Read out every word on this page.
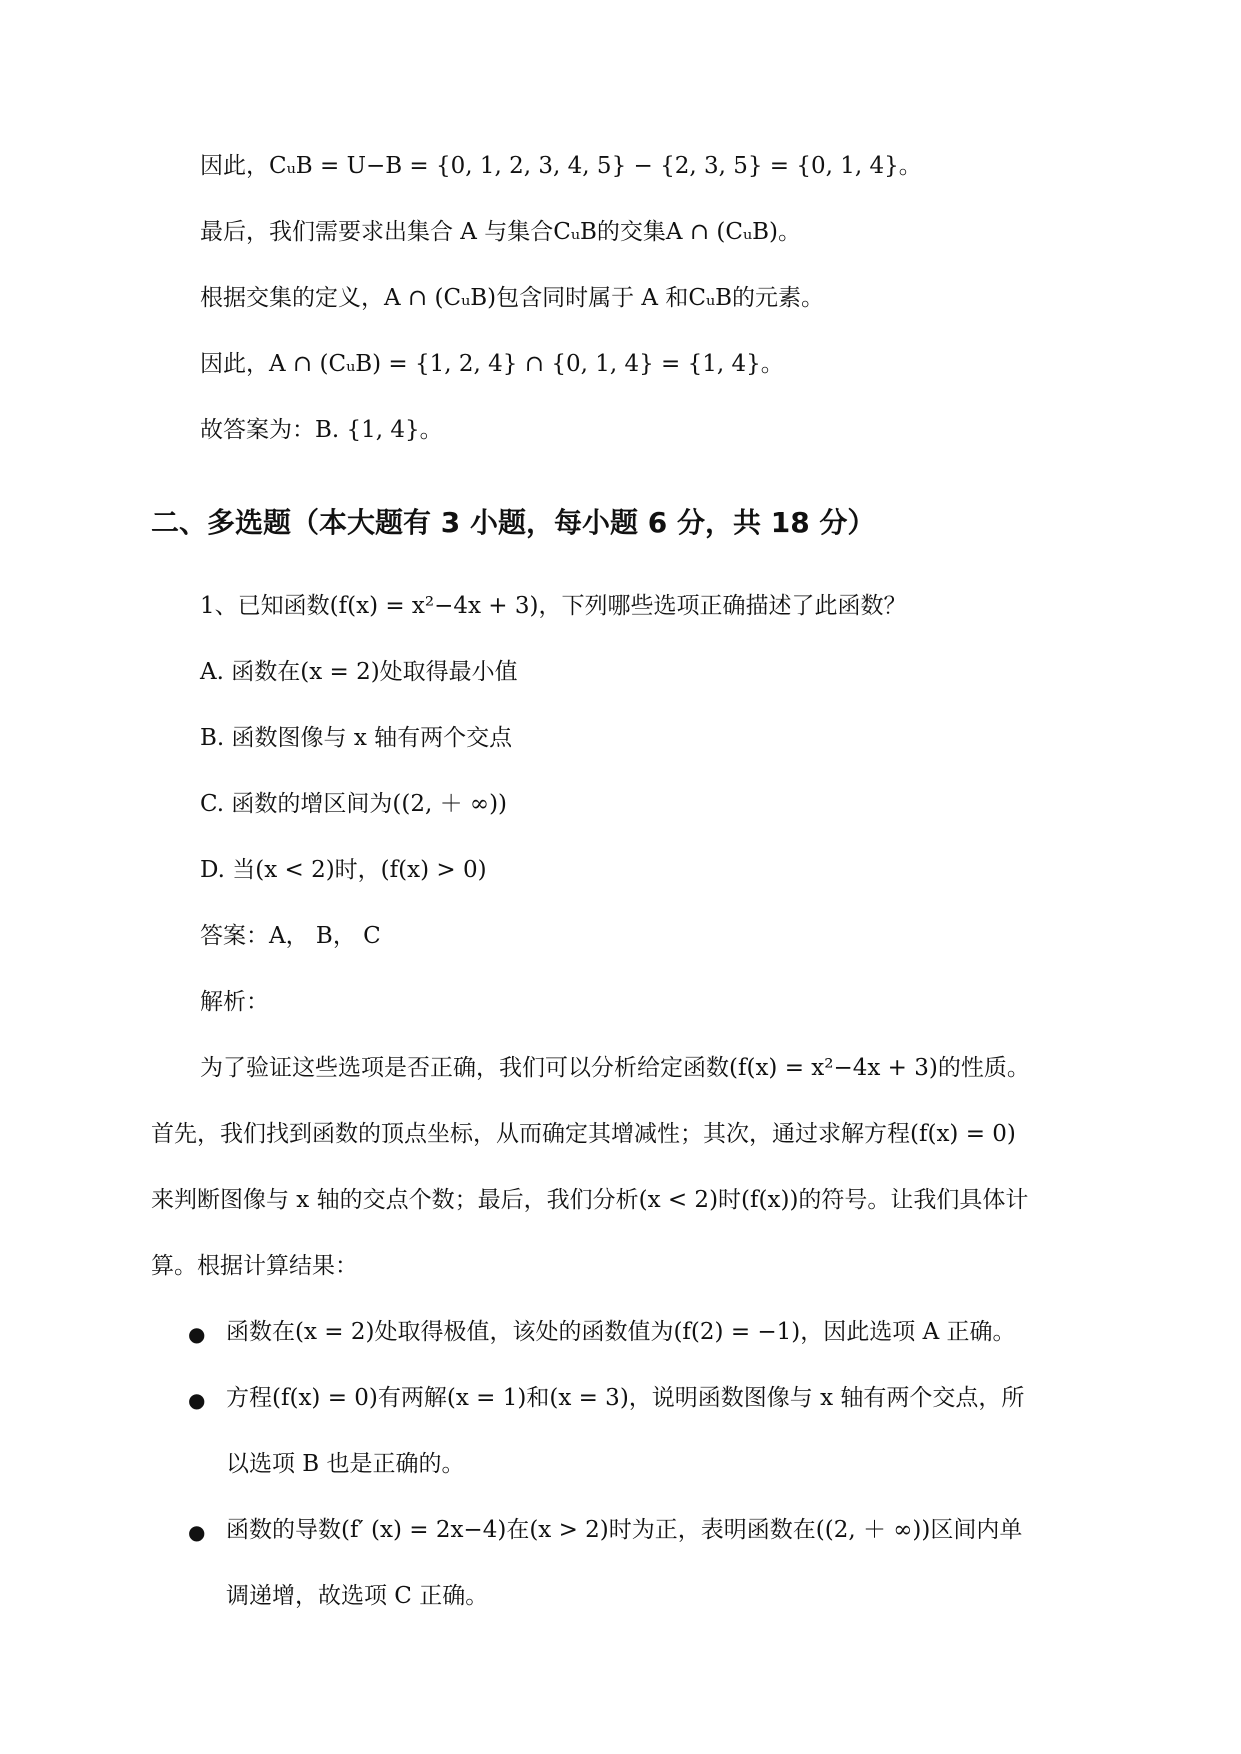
因此，CᵤB = U−B = {0, 1, 2, 3, 4, 5} − {2, 3, 5} = {0, 1, 4}。
最后，我们需要求出集合 A 与集合CᵤB的交集A ∩ (CᵤB)。
根据交集的定义，A ∩ (CᵤB)包含同时属于 A 和CᵤB的元素。
因此，A ∩ (CᵤB) = {1, 2, 4} ∩ {0, 1, 4} = {1, 4}。
故答案为：B. {1, 4}。
二、多选题（本大题有 3 小题，每小题 6 分，共 18 分）
1、已知函数(f(x) = x²−4x + 3)，下列哪些选项正确描述了此函数？
A. 函数在(x = 2)处取得最小值
B. 函数图像与 x 轴有两个交点
C. 函数的增区间为((2, ＋ ∞))
D. 当(x < 2)时，(f(x) > 0)
答案：A， B， C
解析：
为了验证这些选项是否正确，我们可以分析给定函数(f(x) = x²−4x + 3)的性质。
首先，我们找到函数的顶点坐标，从而确定其增减性；其次，通过求解方程(f(x) = 0)
来判断图像与 x 轴的交点个数；最后，我们分析(x < 2)时(f(x))的符号。让我们具体计
算。根据计算结果：
● 函数在(x = 2)处取得极值，该处的函数值为(f(2) = −1)，因此选项 A 正确。
● 方程(f(x) = 0)有两解(x = 1)和(x = 3)，说明函数图像与 x 轴有两个交点，所
以选项 B 也是正确的。
● 函数的导数(f′ (x) = 2x−4)在(x > 2)时为正，表明函数在((2, ＋ ∞))区间内单
调递增，故选项 C 正确。
